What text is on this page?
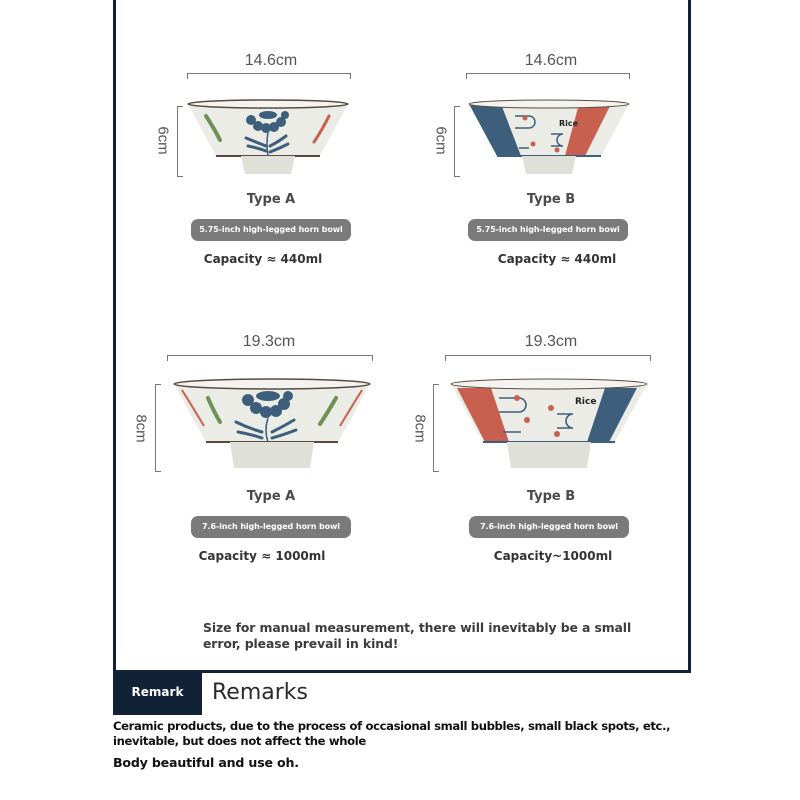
14.6cm
6cm
Type A
5.75-inch high-legged horn bowl
Capacity ≈ 440ml
14.6cm
6cm
Rice
Type B
5.75-inch high-legged horn bowl
Capacity ≈ 440ml
19.3cm
8cm
Type A
7.6-inch high-legged horn bowl
Capacity ≈ 1000ml
19.3cm
8cm
Rice
Type B
7.6-inch high-legged horn bowl
Capacity~1000ml
Size for manual measurement, there will inevitably be a small error, please prevail in kind!
Remark	Remarks
Ceramic products, due to the process of occasional small bubbles, small black spots, etc., inevitable, but does not affect the whole
Body beautiful and use oh.
